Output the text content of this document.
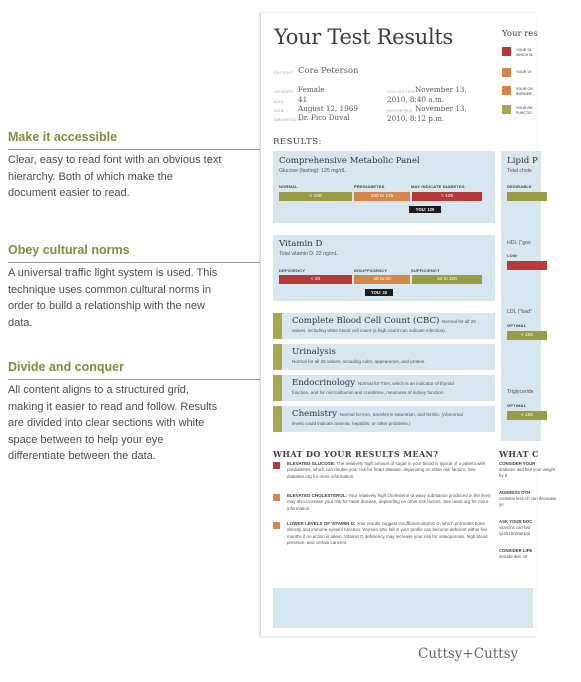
Make it accessible

Clear, easy to read font with an obvious text hierarchy. Both of which make the document easier to read.

Obey cultural norms

A universal traffic light system is used. This technique uses common cultural norms in order to build a relationship with the new data.

Divide and conquer

All content aligns to a structured grid, making it easier to read and follow. Results are divided into clear sections with white space between to help your eye differentiate between the data.

Your Test Results
PATIENT Cora Peterson
GENDER Female
AGE 41
DOB August 12, 1969
ORDERED BY
Dr. Pico Duval
COLLECTED November 13,
2010, 8:40 a.m.
REPORTED November 13,
2010, 8:12 p.m.
RESULTS:
Your res
YOUR GL
WHICH IS
YOUR VI
YOUR CH
BORDER
YOUR RE
FUNCTIO
Comprehensive Metabolic Panel
Glucose (fasting): 125 mg/dL
NORMAL	PREDIABETES	MAY INDICATE DIABETES
< 100	100 to 125	> 125
YOU: 125
Vitamin D
Total vitamin D: 22 ng/mL
DEFICIENCY	INSUFFICIENCY	SUFFICIENCY
< 20	20 to 30	31 to 100
YOU: 22
Lipid P
Total chole
DESIRABLE
HDL ("goo
LOW
LDL ("bad"
OPTIMAL
< 100
Triglyceride
OPTIMAL
< 150
Complete Blood Cell Count (CBC) Normal for all 20
values, including white blood cell count (a high count can indicate infection).
Urinalysis
Normal for all 20 values, including color, appearance, and protein.
Endocrinology Normal for TSH, which is an indicator of thyroid
function, and for microalbumin and creatinine, measures of kidney function.
Chemistry Normal for iron, transferrin saturation, and ferritin. (Abnormal
levels could indicate anemia, hepatitis, or other problems.)
WHAT DO YOUR RESULTS MEAN?
ELEVATED GLUCOSE: The relatively high amount of sugar in your blood is typical of a patient with prediabetes, which can double your risk for heart disease, depending on other risk factors. See diabetes.org for more information.
ELEVATED CHOLESTEROL: Your relatively high cholesterol (a waxy substance produced in the liver) may also increase your risk for heart disease, depending on other risk factors. See heart.org for more information.
LOWER LEVELS OF VITAMIN D: Your results suggest insufficient vitamin D, which promotes bone density and immune-system function. Women who fall in your profile can become deficient within five months if no action is taken. Vitamin D deficiency may increase your risk for osteoporosis, high blood pressure, and certain cancers.
WHAT C
CONSIDER YOUR
diabetes and hea your weight by 5
ADDRESS OTH
contains less ch can decrease yo
ASK YOUR DOC
vitamins can low lyr2010/vitamind
CONSIDER LIFE
include diet, vit
Cuttsy+Cuttsy
